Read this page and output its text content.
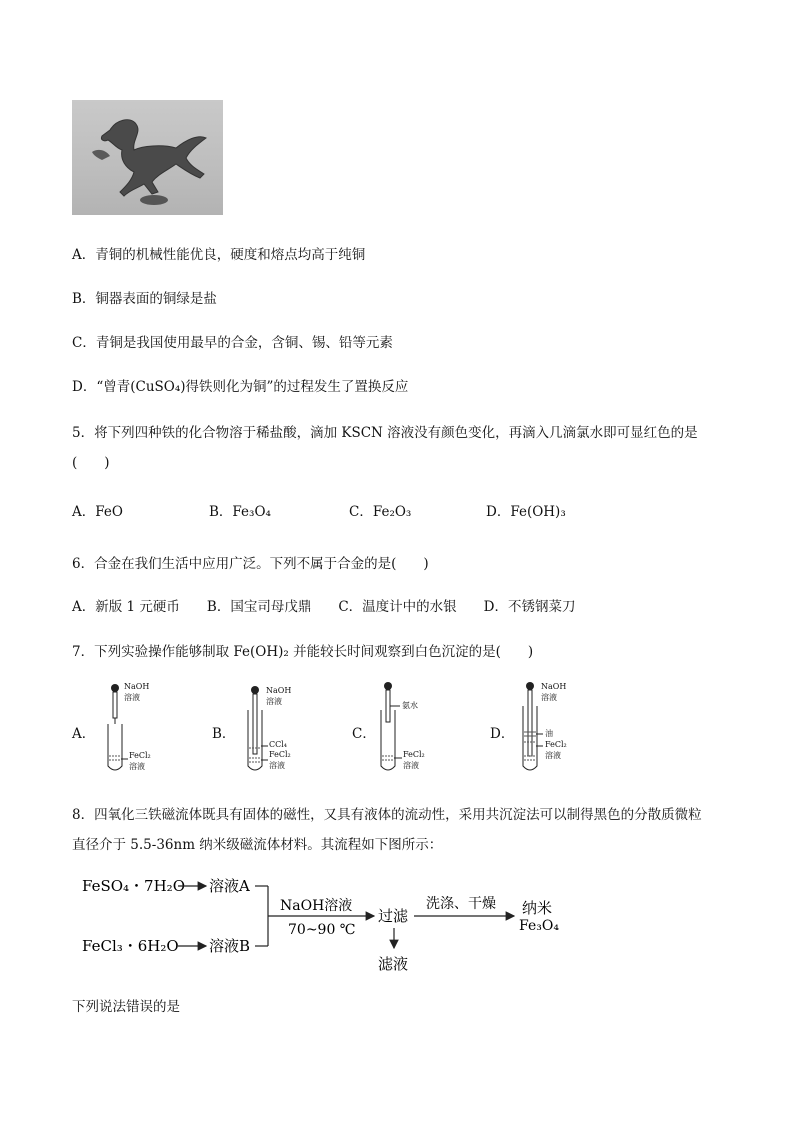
A．青铜的机械性能优良，硬度和熔点均高于纯铜
B．铜器表面的铜绿是盐
C．青铜是我国使用最早的合金，含铜、锡、铅等元素
D．“曾青(CuSO₄)得铁则化为铜”的过程发生了置换反应
5．将下列四种铁的化合物溶于稀盐酸，滴加 KSCN 溶液没有颜色变化，再滴入几滴氯水即可显红色的是
(　　)
A．FeO	B．Fe₃O₄	C．Fe₂O₃	D．Fe(OH)₃
6．合金在我们生活中应用广泛。下列不属于合金的是(　　)
A．新版 1 元硬币　　B．国宝司母戊鼎　　C．温度计中的水银　　D．不锈钢菜刀
7．下列实验操作能够制取 Fe(OH)₂ 并能较长时间观察到白色沉淀的是(　　)
A．
NaOH
溶液
FeCl₂
溶液
B．
NaOH
溶液
CCl₄
FeCl₂
溶液
C．
氨水
FeCl₂
溶液
D．
NaOH
溶液
油
FeCl₂
溶液
8．四氧化三铁磁流体既具有固体的磁性，又具有液体的流动性，采用共沉淀法可以制得黑色的分散质微粒
直径介于 5.5-36nm 纳米级磁流体材料。其流程如下图所示：
FeSO₄・7H₂O 溶液A
FeCl₃・6H₂O 溶液B
NaOH溶液
70~90 ℃
过滤
滤液
洗涤、干燥 纳米
Fe₃O₄
下列说法错误的是
